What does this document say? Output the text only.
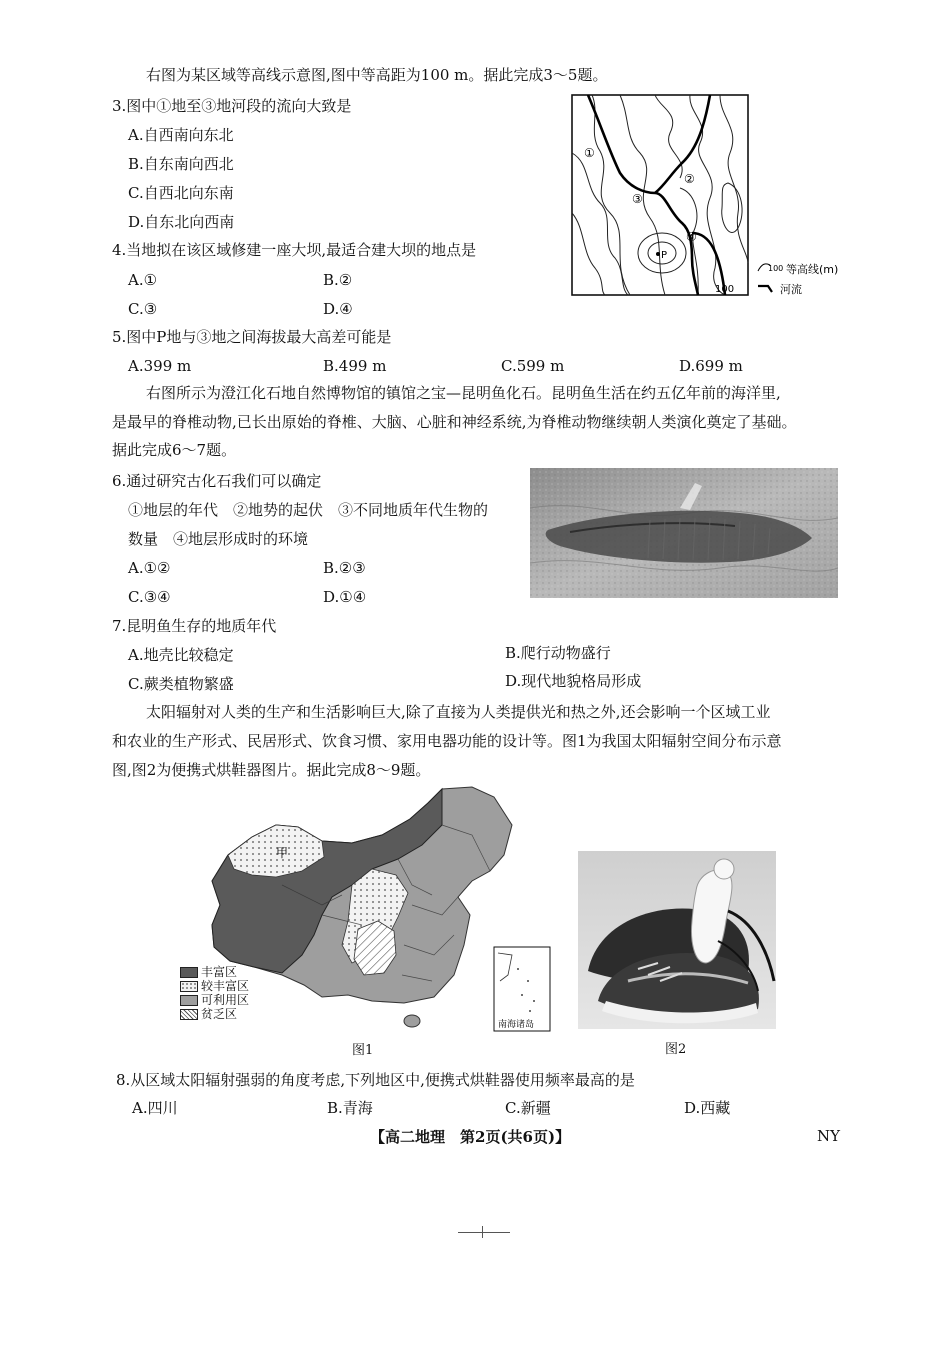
右图为某区域等高线示意图,图中等高距为100 m。据此完成3～5题。
3.图中①地至③地河段的流向大致是
A.自西南向东北
B.自东南向西北
C.自西北向东南
D.自东北向西南
4.当地拟在该区域修建一座大坝,最适合建大坝的地点是
A.①	B.②
C.③	D.④
5.图中P地与③地之间海拔最大高差可能是
A.399 m	B.499 m	C.599 m	D.699 m
①
②
③
④
P
100
100 等高线(m)
河流
右图所示为澄江化石地自然博物馆的镇馆之宝—昆明鱼化石。昆明鱼生活在约五亿年前的海洋里,
是最早的脊椎动物,已长出原始的脊椎、大脑、心脏和神经系统,为脊椎动物继续朝人类演化奠定了基础。
据此完成6～7题。
6.通过研究古化石我们可以确定
①地层的年代　②地势的起伏　③不同地质年代生物的
数量　④地层形成时的环境
A.①②	B.②③
C.③④	D.①④
7.昆明鱼生存的地质年代
A.地壳比较稳定	B.爬行动物盛行
C.蕨类植物繁盛	D.现代地貌格局形成
太阳辐射对人类的生产和生活影响巨大,除了直接为人类提供光和热之外,还会影响一个区域工业
和农业的生产形式、民居形式、饮食习惯、家用电器功能的设计等。图1为我国太阳辐射空间分布示意
图,图2为便携式烘鞋器图片。据此完成8～9题。
甲
南海诸岛
丰富区
较丰富区
可利用区
贫乏区
图1	图2
8.从区域太阳辐射强弱的角度考虑,下列地区中,便携式烘鞋器使用频率最高的是
A.四川	B.青海	C.新疆	D.西藏
【高二地理　第2页(共6页)】	NY
